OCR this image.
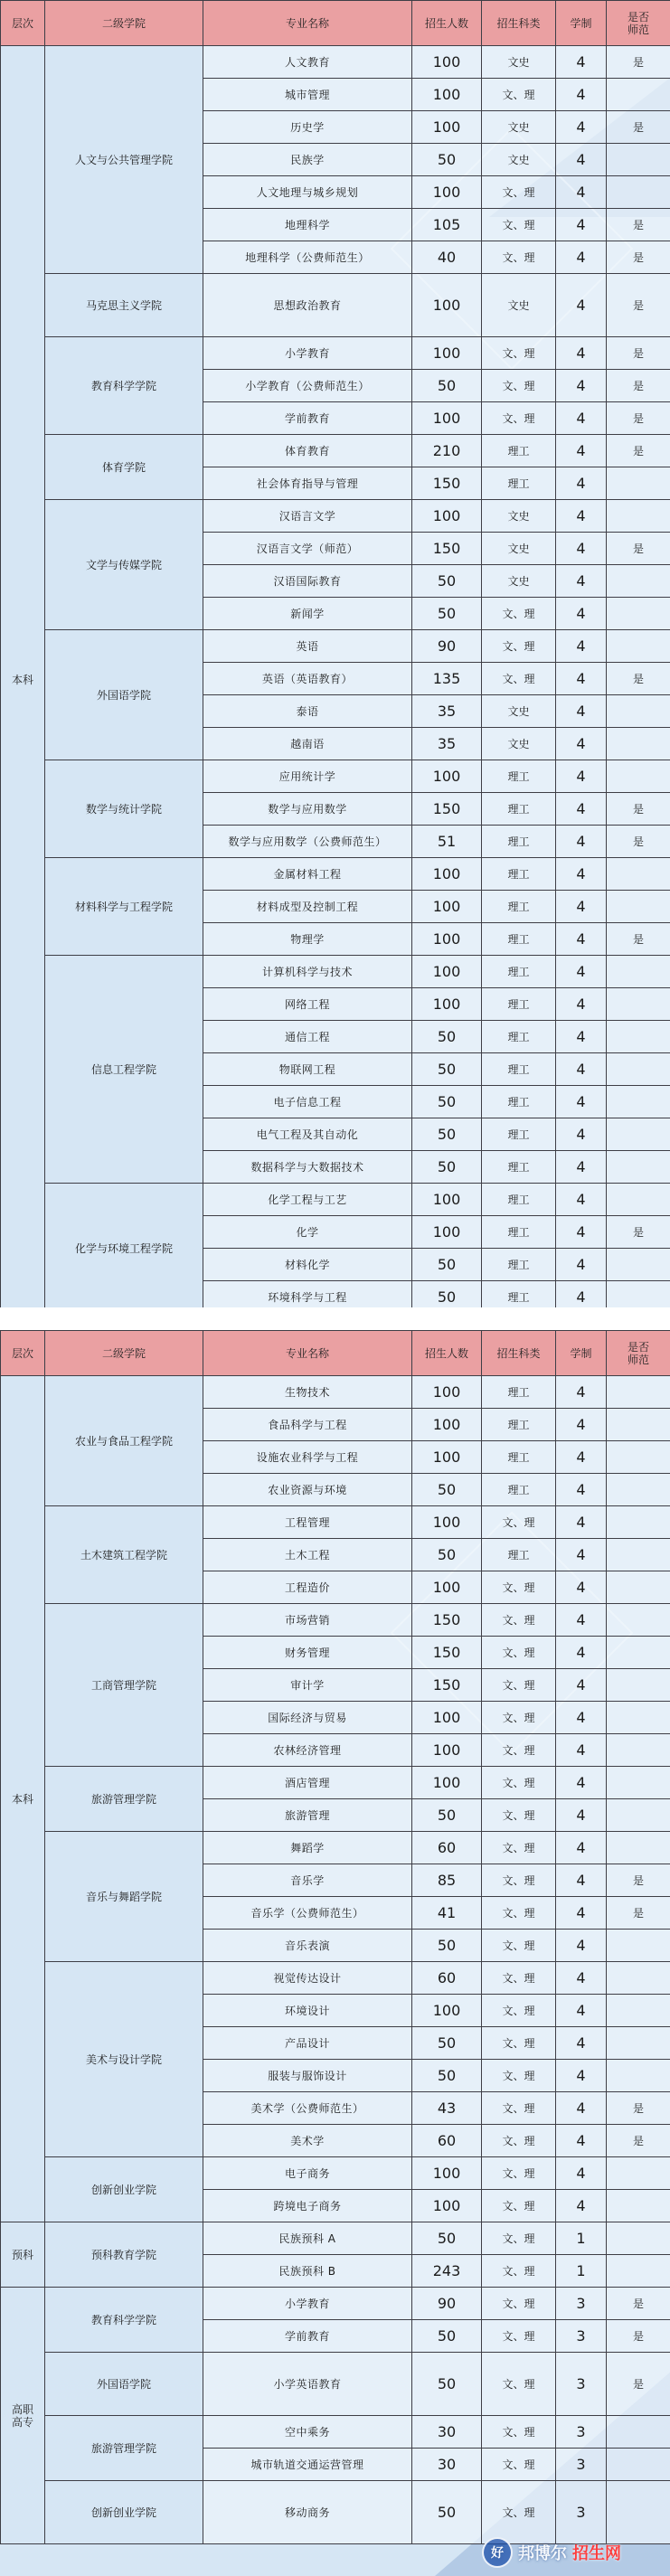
层次	二级学院	专业名称	招生人数	招生科类	学制	是否
师范
本科	人文与公共管理学院	人文教育	100	文史	4	是
		城市管理	100	文、理	4	
		历史学	100	文史	4	是
		民族学	50	文史	4	
		人文地理与城乡规划	100	文、理	4	
		地理科学	105	文、理	4	是
		地理科学（公费师范生）	40	文、理	4	是
	马克思主义学院	思想政治教育	100	文史	4	是
	教育科学学院	小学教育	100	文、理	4	是
		小学教育（公费师范生）	50	文、理	4	是
		学前教育	100	文、理	4	是
	体育学院	体育教育	210	理工	4	是
		社会体育指导与管理	150	理工	4	
	文学与传媒学院	汉语言文学	100	文史	4	
		汉语言文学（师范）	150	文史	4	是
		汉语国际教育	50	文史	4	
		新闻学	50	文、理	4	
	外国语学院	英语	90	文、理	4	
		英语（英语教育）	135	文、理	4	是
		泰语	35	文史	4	
		越南语	35	文史	4	
	数学与统计学院	应用统计学	100	理工	4	
		数学与应用数学	150	理工	4	是
		数学与应用数学（公费师范生）	51	理工	4	是
	材料科学与工程学院	金属材料工程	100	理工	4	
		材料成型及控制工程	100	理工	4	
		物理学	100	理工	4	是
	信息工程学院	计算机科学与技术	100	理工	4	
		网络工程	100	理工	4	
		通信工程	50	理工	4	
		物联网工程	50	理工	4	
		电子信息工程	50	理工	4	
		电气工程及其自动化	50	理工	4	
		数据科学与大数据技术	50	理工	4	
	化学与环境工程学院	化学工程与工艺	100	理工	4	
		化学	100	理工	4	是
		材料化学	50	理工	4	
		环境科学与工程	50	理工	4	
层次	二级学院	专业名称	招生人数	招生科类	学制	是否
师范
本科	农业与食品工程学院	生物技术	100	理工	4	
		食品科学与工程	100	理工	4	
		设施农业科学与工程	100	理工	4	
		农业资源与环境	50	理工	4	
	土木建筑工程学院	工程管理	100	文、理	4	
		土木工程	50	理工	4	
		工程造价	100	文、理	4	
	工商管理学院	市场营销	150	文、理	4	
		财务管理	150	文、理	4	
		审计学	150	文、理	4	
		国际经济与贸易	100	文、理	4	
		农林经济管理	100	文、理	4	
	旅游管理学院	酒店管理	100	文、理	4	
		旅游管理	50	文、理	4	
	音乐与舞蹈学院	舞蹈学	60	文、理	4	
		音乐学	85	文、理	4	是
		音乐学（公费师范生）	41	文、理	4	是
		音乐表演	50	文、理	4	
	美术与设计学院	视觉传达设计	60	文、理	4	
		环境设计	100	文、理	4	
		产品设计	50	文、理	4	
		服装与服饰设计	50	文、理	4	
		美术学（公费师范生）	43	文、理	4	是
		美术学	60	文、理	4	是
	创新创业学院	电子商务	100	文、理	4	
		跨境电子商务	100	文、理	4	
预科	预科教育学院	民族预科 A	50	文、理	1	
		民族预科 B	243	文、理	1	
高职
高专	教育科学学院	小学教育	90	文、理	3	是
		学前教育	50	文、理	3	是
	外国语学院	小学英语教育	50	文、理	3	是
	旅游管理学院	空中乘务	30	文、理	3	
		城市轨道交通运营管理	30	文、理	3	
	创新创业学院	移动商务	50	文、理	3	
好 邦博尔 招生网
